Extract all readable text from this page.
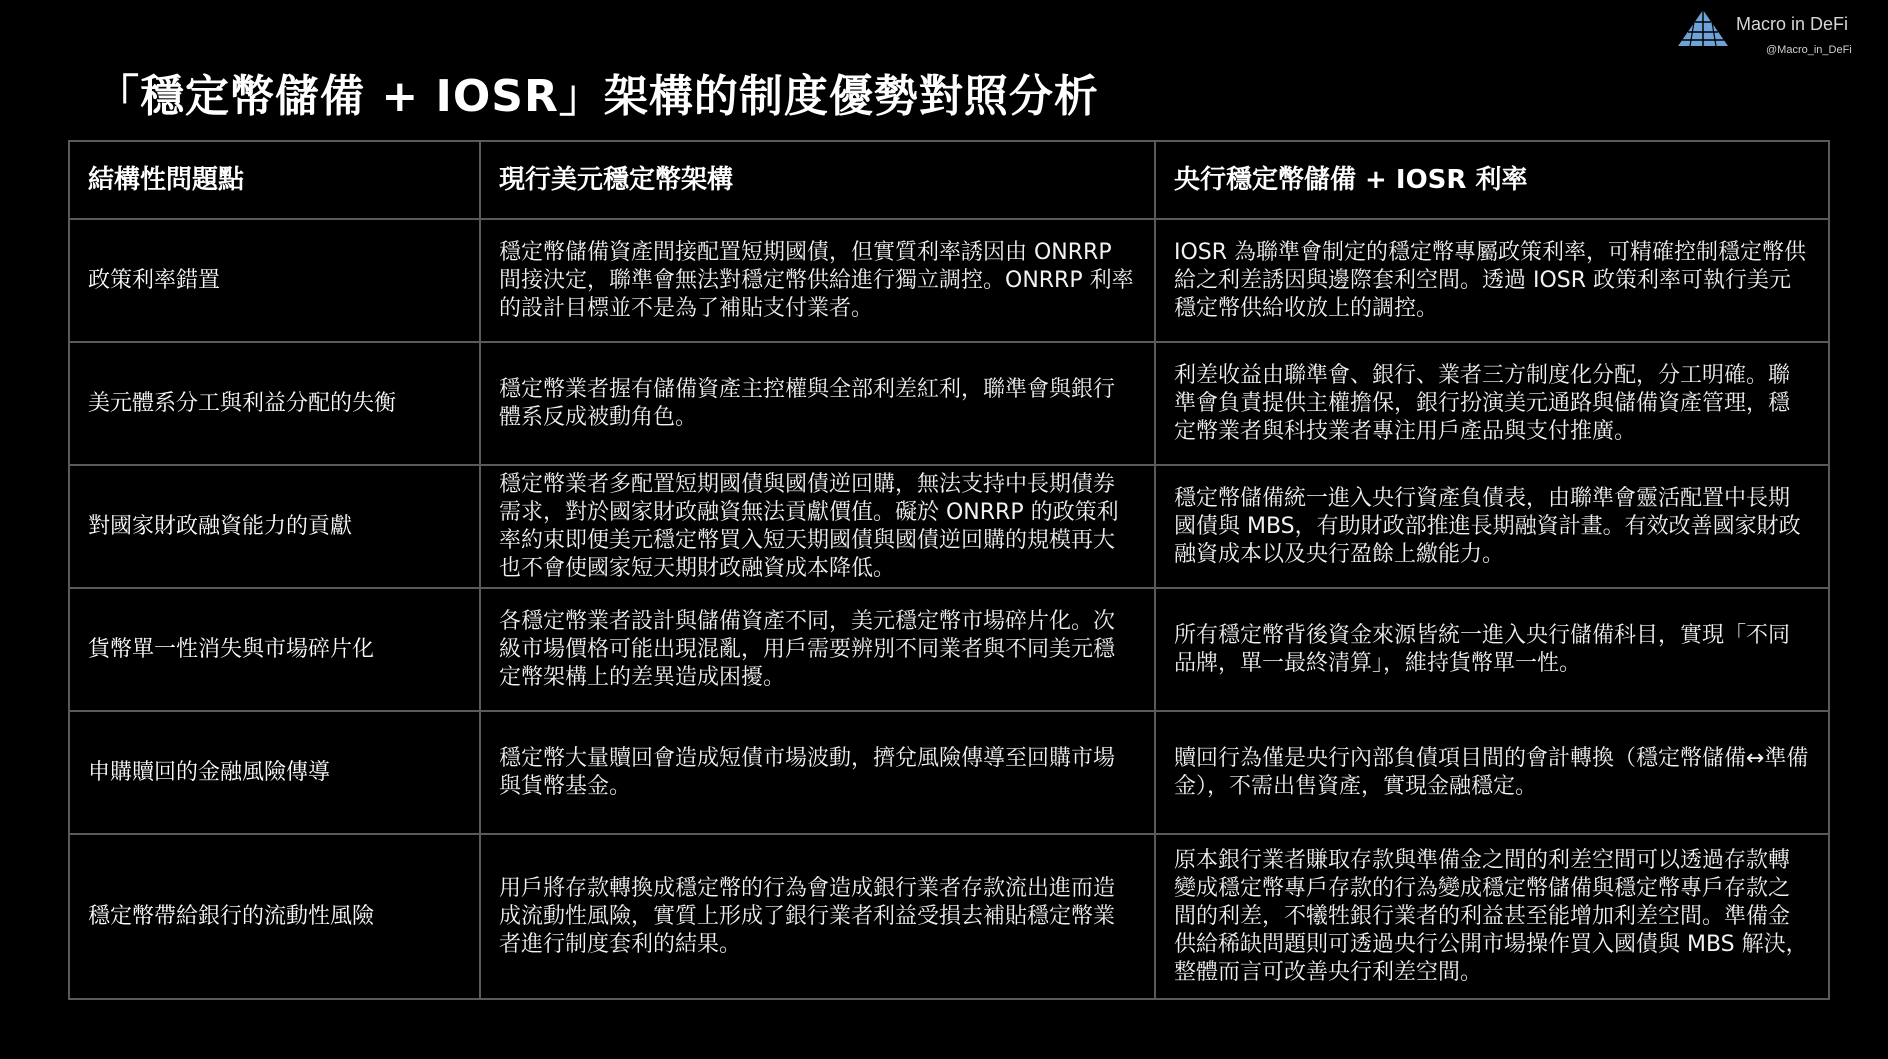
Macro in DeFi
@Macro_in_DeFi
「穩定幣儲備 + IOSR」架構的制度優勢對照分析
結構性問題點	現行美元穩定幣架構	央行穩定幣儲備 + IOSR 利率
政策利率錯置	穩定幣儲備資產間接配置短期國債，但實質利率誘因由 ONRRP 間接決定，聯準會無法對穩定幣供給進行獨立調控。ONRRP 利率的設計目標並不是為了補貼支付業者。	IOSR 為聯準會制定的穩定幣專屬政策利率，可精確控制穩定幣供給之利差誘因與邊際套利空間。透過 IOSR 政策利率可執行美元穩定幣供給收放上的調控。
美元體系分工與利益分配的失衡	穩定幣業者握有儲備資產主控權與全部利差紅利，聯準會與銀行體系反成被動角色。	利差收益由聯準會、銀行、業者三方制度化分配，分工明確。聯準會負責提供主權擔保，銀行扮演美元通路與儲備資產管理，穩定幣業者與科技業者專注用戶產品與支付推廣。
對國家財政融資能力的貢獻	穩定幣業者多配置短期國債與國債逆回購，無法支持中長期債券需求，對於國家財政融資無法貢獻價值。礙於 ONRRP 的政策利率約束即便美元穩定幣買入短天期國債與國債逆回購的規模再大也不會使國家短天期財政融資成本降低。	穩定幣儲備統一進入央行資產負債表，由聯準會靈活配置中長期國債與 MBS，有助財政部推進長期融資計畫。有效改善國家財政融資成本以及央行盈餘上繳能力。
貨幣單一性消失與市場碎片化	各穩定幣業者設計與儲備資產不同，美元穩定幣市場碎片化。次級市場價格可能出現混亂，用戶需要辨別不同業者與不同美元穩定幣架構上的差異造成困擾。	所有穩定幣背後資金來源皆統一進入央行儲備科目，實現「不同品牌，單一最終清算」，維持貨幣單一性。
申購贖回的金融風險傳導	穩定幣大量贖回會造成短債市場波動，擠兌風險傳導至回購市場與貨幣基金。	贖回行為僅是央行內部負債項目間的會計轉換（穩定幣儲備↔準備金），不需出售資產，實現金融穩定。
穩定幣帶給銀行的流動性風險	用戶將存款轉換成穩定幣的行為會造成銀行業者存款流出進而造成流動性風險，實質上形成了銀行業者利益受損去補貼穩定幣業者進行制度套利的結果。	原本銀行業者賺取存款與準備金之間的利差空間可以透過存款轉變成穩定幣專戶存款的行為變成穩定幣儲備與穩定幣專戶存款之間的利差，不犧牲銀行業者的利益甚至能增加利差空間。準備金供給稀缺問題則可透過央行公開市場操作買入國債與 MBS 解決，整體而言可改善央行利差空間。
